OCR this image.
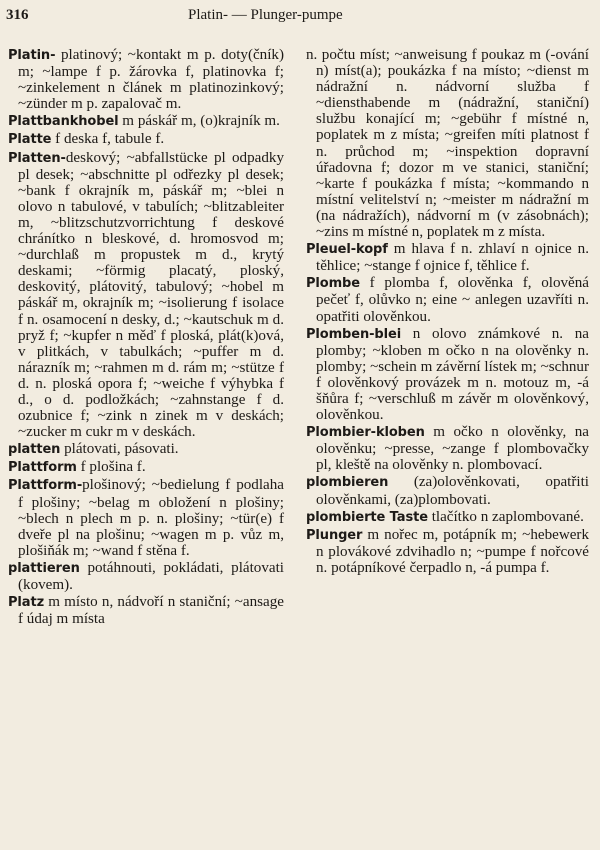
316	Platin- — Plunger-pumpe

Platin- platinový; ~kontakt m p. doty(čník) m; ~lampe f p. žárovka f, platinovka f; ~zinkelement n článek m platinozinkový; ~zünder m p. zapalovač m.

Plattbankhobel m páskář m, (o)krajník m.

Platte f deska f, tabule f.

Platten-deskový; ~abfallstücke pl odpadky pl desek; ~abschnitte pl odřezky pl desek; ~bank f okrajník m, páskář m; ~blei n olovo n tabulové, v tabulích; ~blitzableiter m, ~blitzschutzvorrichtung f deskové chránítko n bleskové, d. hromosvod m; ~durchlaß m propustek m d., krytý deskami; ~förmig placatý, ploský, deskovitý, plátovitý, tabulový; ~hobel m páskář m, okrajník m; ~isolierung f isolace f n. osamocení n desky, d.; ~kautschuk m d. pryž f; ~kupfer n měď f ploská, plát(k)ová, v plitkách, v tabulkách; ~puffer m d. nárazník m; ~rahmen m d. rám m; ~stütze f d. n. ploská opora f; ~weiche f výhybka f d., o d. podložkách; ~zahnstange f d. ozubnice f; ~zink n zinek m v deskách; ~zucker m cukr m v deskách.

platten plátovati, pásovati.

Plattform f plošina f.

Plattform-plošinový; ~bedielung f podlaha f plošiny; ~belag m obložení n plošiny; ~blech n plech m p. n. plošiny; ~tür(e) f dveře pl na plošinu; ~wagen m p. vůz m, plošiňák m; ~wand f stěna f.

plattieren potáhnouti, pokládati, plátovati (kovem).

Platz m místo n, nádvoří n staniční; ~ansage f údaj m místa

n. počtu míst; ~anweisung f poukaz m (-ování n) míst(a); poukázka f na místo; ~dienst m nádražní n. nádvorní služba f ~diensthabende m (nádražní, staniční) službu konající m; ~gebühr f místné n, poplatek m z místa; ~greifen míti platnost f n. průchod m; ~inspektion dopravní úřadovna f; dozor m ve stanici, staniční; ~karte f poukázka f místa; ~kommando n místní velitelství n; ~meister m nádražní m (na nádražích), nádvorní m (v zásobnách); ~zins m místné n, poplatek m z místa.

Pleuel-kopf m hlava f n. zhlaví n ojnice n. těhlice; ~stange f ojnice f, těhlice f.

Plombe f plomba f, olověnka f, olověná pečeť f, olůvko n; eine ~ anlegen uzavříti n. opatřiti olověnkou.

Plomben-blei n olovo známkové n. na plomby; ~kloben m očko n na olověnky n. plomby; ~schein m závěrní lístek m; ~schnur f olověnkový provázek m n. motouz m, -á šňůra f; ~verschluß m závěr m olověnkový, olověnkou.

Plombier-kloben m očko n olověnky, na olověnku; ~presse, ~zange f plombovačky pl, kleště na olověnky n. plombovací.

plombieren (za)olověnkovati, opatřiti olověnkami, (za)plombovati.

plombierte Taste tlačítko n zaplombované.

Plunger m nořec m, potápník m; ~hebewerk n plovákové zdvihadlo n; ~pumpe f nořcové n. potápníkové čerpadlo n, -á pumpa f.
